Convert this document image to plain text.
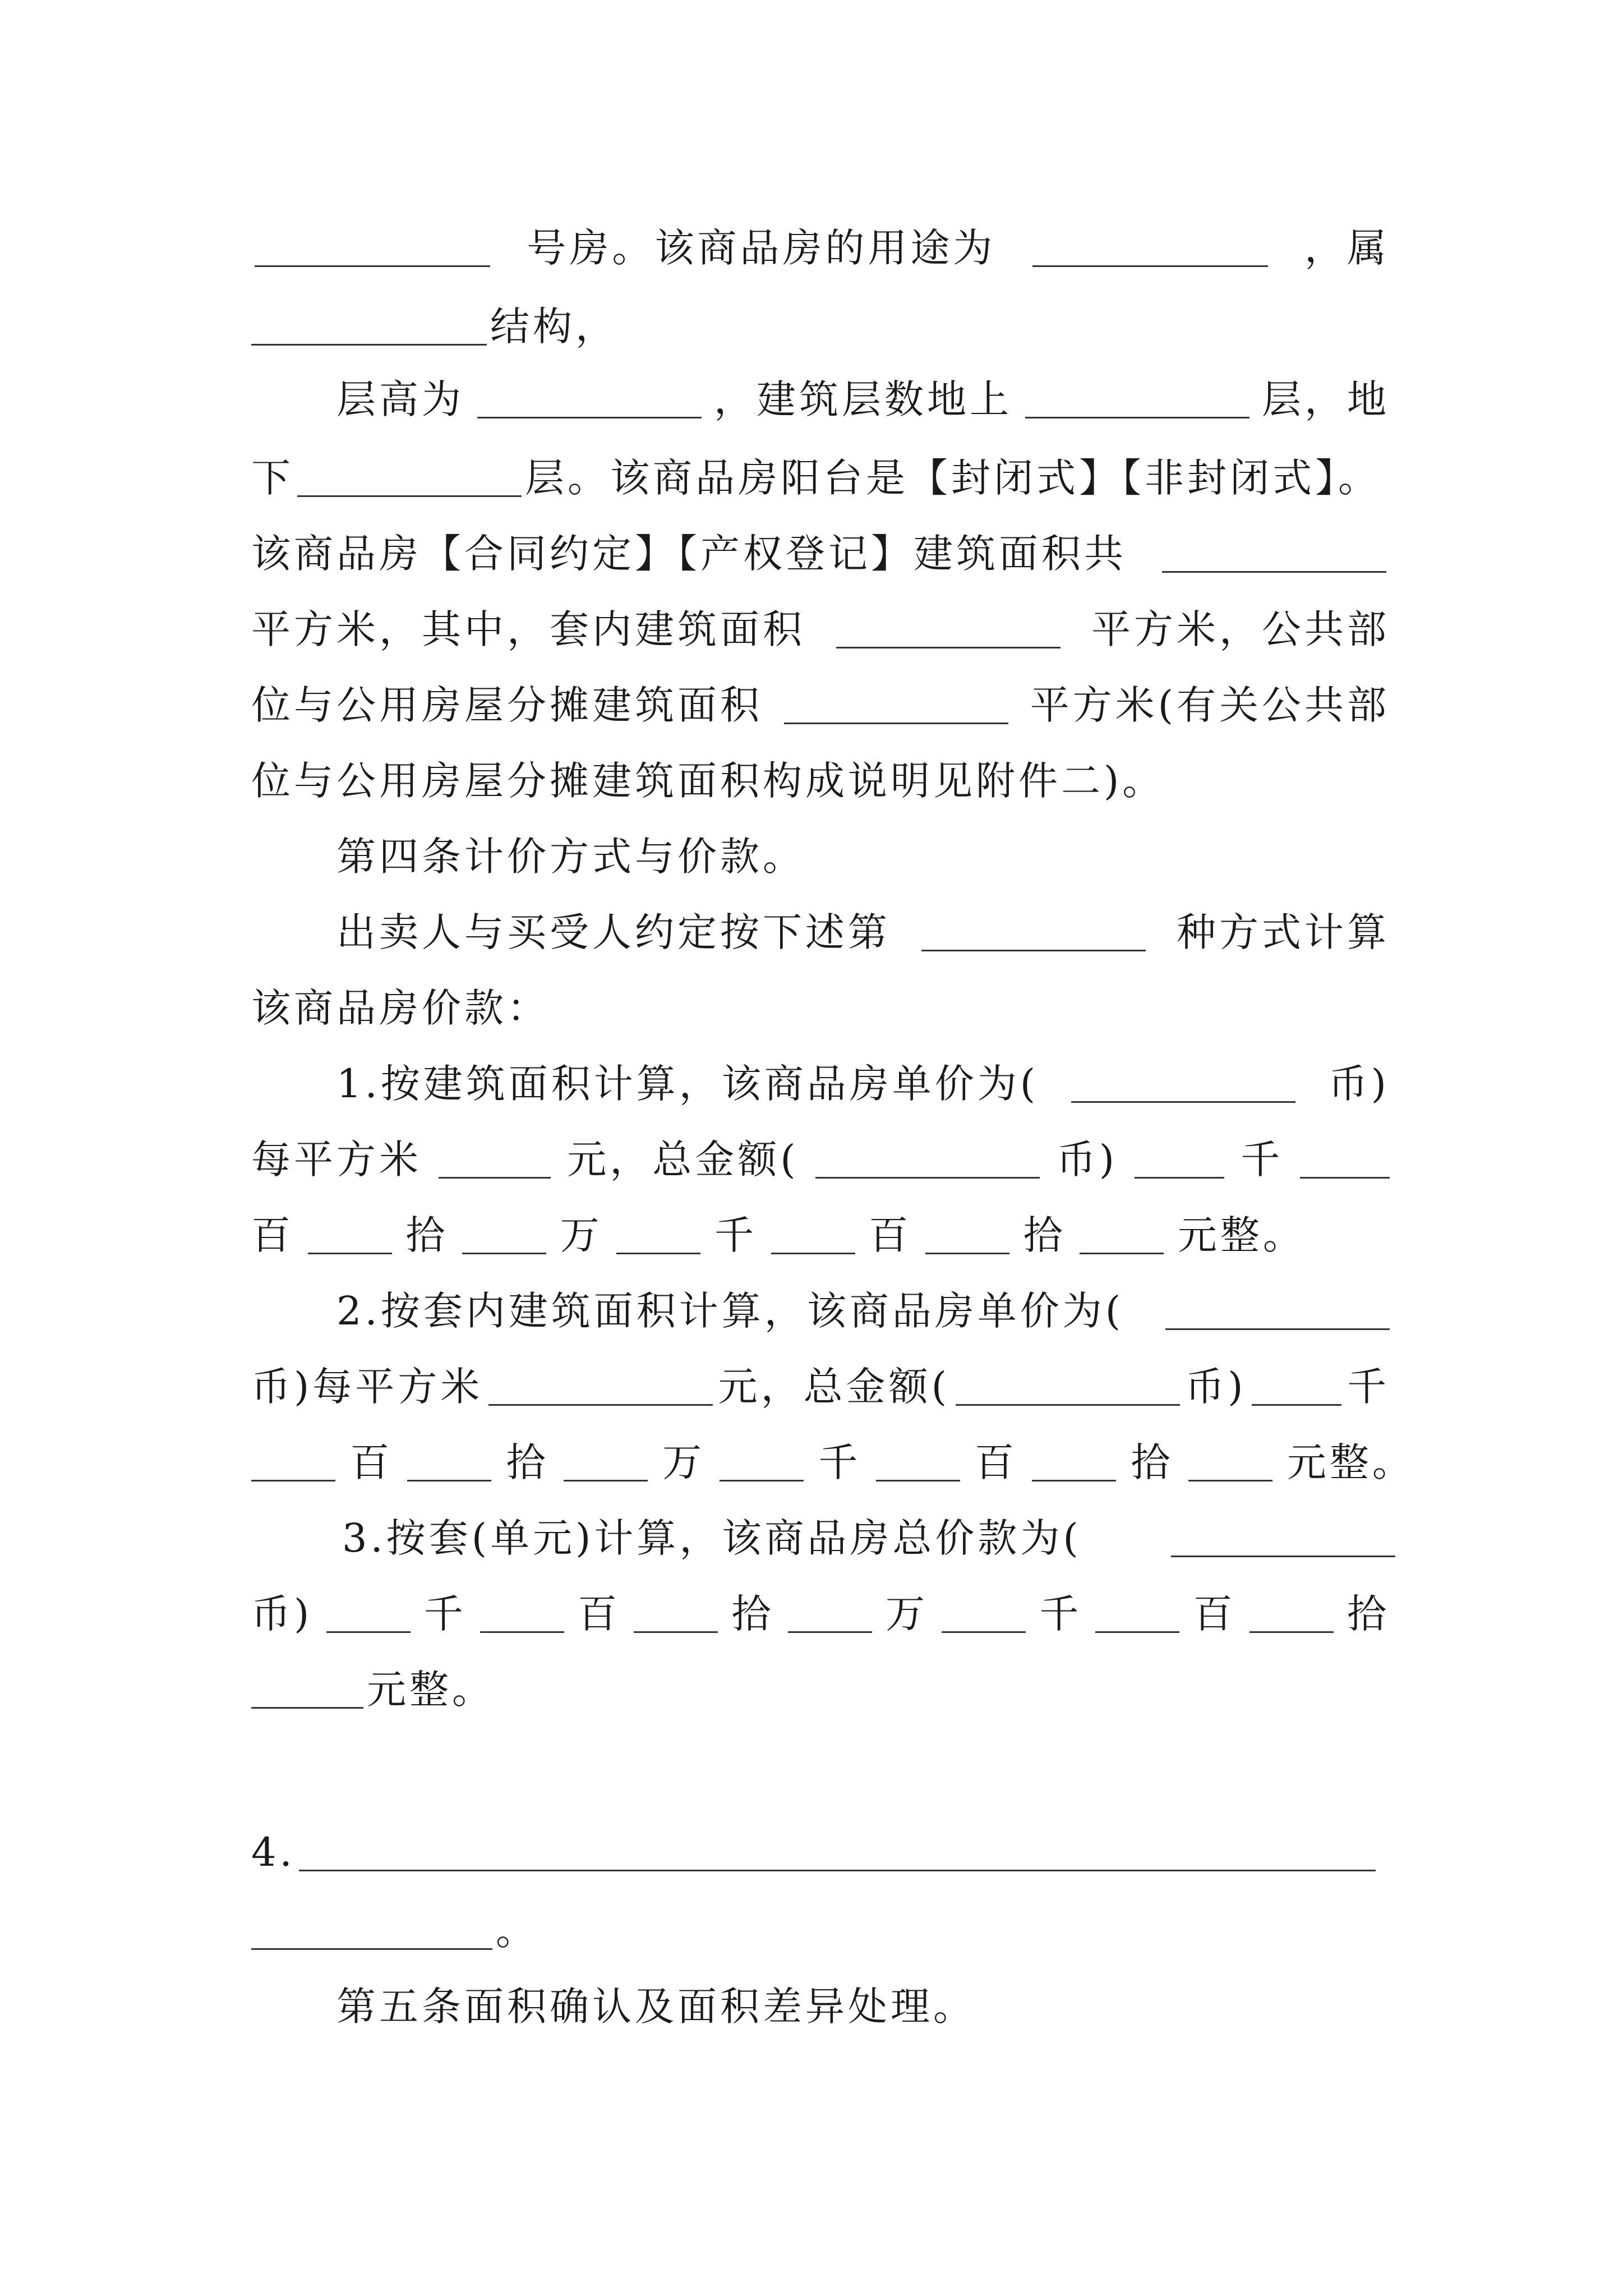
号房。该商品房的用途为	，属
结构，
层高为	，建筑层数地上	层，地
下	层。该商品房阳台是【封闭式】【非封闭式】。
该商品房【合同约定】【产权登记】建筑面积共
平方米，其中，套内建筑面积	平方米，公共部
位与公用房屋分摊建筑面积	平方米(有关公共部
位与公用房屋分摊建筑面积构成说明见附件二)。
第四条计价方式与价款。
出卖人与买受人约定按下述第	种方式计算
该商品房价款：
1.按建筑面积计算，该商品房单价为(	币)
每平方米	元，总金额(	币)	千
百	拾	万	千	百	拾	元整。
2.按套内建筑面积计算，该商品房单价为(
币)每平方米	元，总金额(	币)	千
百	拾	万	千	百	拾	元整。
3.按套(单元)计算，该商品房总价款为(
币)	千	百	拾	万	千	百	拾
元整。
4.
。
第五条面积确认及面积差异处理。
